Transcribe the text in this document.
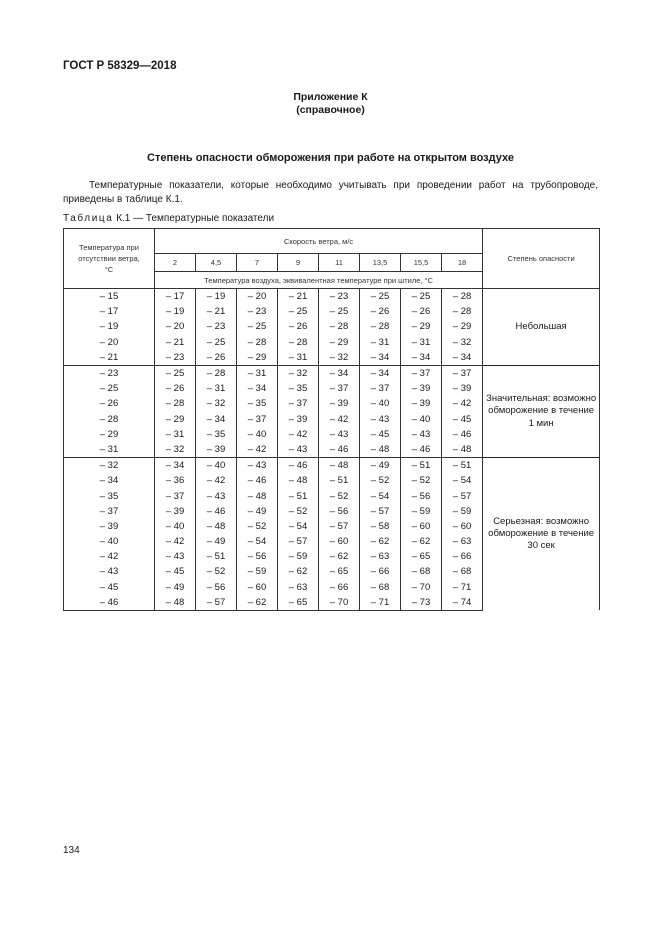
ГОСТ Р 58329—2018
Приложение К
(справочное)
Степень опасности обморожения при работе на открытом воздухе

Температурные показатели, которые необходимо учитывать при проведении работ на трубопроводе, приведены в таблице К.1.

Таблица К.1 — Температурные показатели
Температура при отсутствии ветра, °С	Скорость ветра, м/с								Степень опасности
	2	4,5	7	9	11	13,5	15,5	18	
	Температура воздуха, эквивалентная температуре при штиле, °С								

– 15	– 17	– 19	– 20	– 21	– 23	– 25	– 25	– 28	Небольшая
– 17	– 19	– 21	– 23	– 25	– 25	– 26	– 26	– 28	
– 19	– 20	– 23	– 25	– 26	– 28	– 28	– 29	– 29	
– 20	– 21	– 25	– 28	– 28	– 29	– 31	– 31	– 32	
– 21	– 23	– 26	– 29	– 31	– 32	– 34	– 34	– 34	

– 23	– 25	– 28	– 31	– 32	– 34	– 34	– 37	– 37	Значительная: возможно обморожение в течение 1 мин
– 25	– 26	– 31	– 34	– 35	– 37	– 37	– 39	– 39	
– 26	– 28	– 32	– 35	– 37	– 39	– 40	– 39	– 42	
– 28	– 29	– 34	– 37	– 39	– 42	– 43	– 40	– 45	
– 29	– 31	– 35	– 40	– 42	– 43	– 45	– 43	– 46	
– 31	– 32	– 39	– 42	– 43	– 46	– 48	– 46	– 48	

– 32	– 34	– 40	– 43	– 46	– 48	– 49	– 51	– 51	Серьезная: возможно обморожение в течение 30 сек
– 34	– 36	– 42	– 46	– 48	– 51	– 52	– 52	– 54	
– 35	– 37	– 43	– 48	– 51	– 52	– 54	– 56	– 57	
– 37	– 39	– 46	– 49	– 52	– 56	– 57	– 59	– 59	
– 39	– 40	– 48	– 52	– 54	– 57	– 58	– 60	– 60	
– 40	– 42	– 49	– 54	– 57	– 60	– 62	– 62	– 63	
– 42	– 43	– 51	– 56	– 59	– 62	– 63	– 65	– 66	
– 43	– 45	– 52	– 59	– 62	– 65	– 66	– 68	– 68	
– 45	– 49	– 56	– 60	– 63	– 66	– 68	– 70	– 71	
– 46	– 48	– 57	– 62	– 65	– 70	– 71	– 73	– 74	
134
